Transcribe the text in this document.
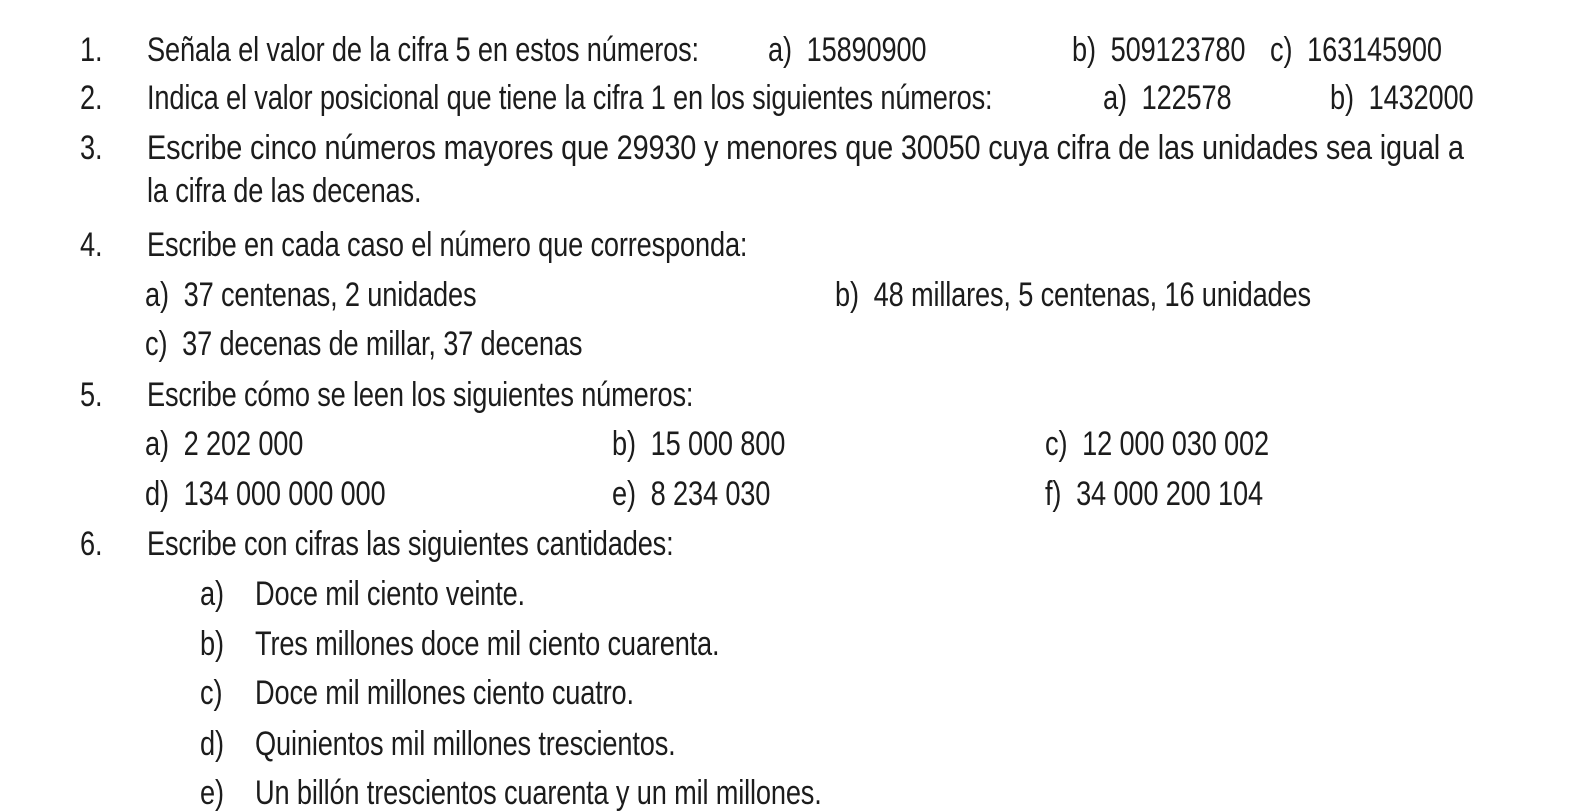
1. Señala el valor de la cifra 5 en estos números: a)  15890900	b)  509123780 c)  163145900
2. Indica el valor posicional que tiene la cifra 1 en los siguientes números:	a)  122578	b)  1432000
3. Escribe cinco números mayores que 29930 y menores que 30050 cuya cifra de las unidades sea igual a
la cifra de las decenas.
4. Escribe en cada caso el número que corresponda:
a)  37 centenas, 2 unidades	b)  48 millares, 5 centenas, 16 unidades
c)  37 decenas de millar, 37 decenas
5. Escribe cómo se leen los siguientes números:
a)  2 202 000	b)  15 000 800	c)  12 000 030 002
d)  134 000 000 000	e)  8 234 030	f)  34 000 200 104
6. Escribe con cifras las siguientes cantidades:
a) Doce mil ciento veinte.
b) Tres millones doce mil ciento cuarenta.
c) Doce mil millones ciento cuatro.
d) Quinientos mil millones trescientos.
e) Un billón trescientos cuarenta y un mil millones.
